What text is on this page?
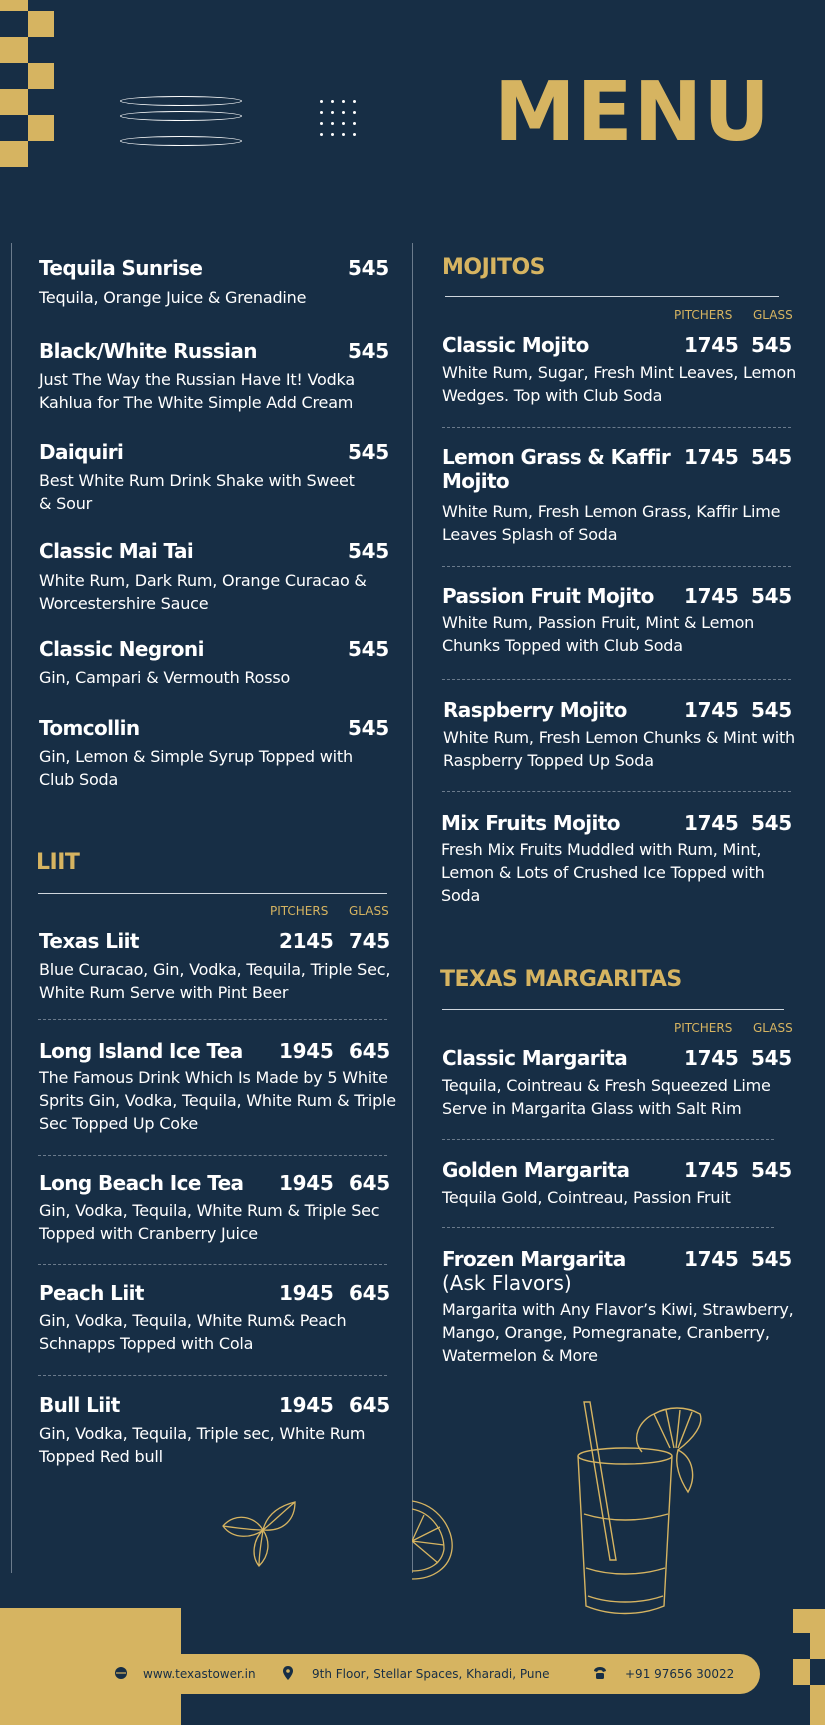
MENU
Tequila Sunrise	545
Tequila, Orange Juice & Grenadine
Black/White Russian	545
Just The Way the Russian Have It! Vodka Kahlua for The White Simple Add Cream
Daiquiri	545
Best White Rum Drink Shake with Sweet & Sour
Classic Mai Tai	545
White Rum, Dark Rum, Orange Curacao & Worcestershire Sauce
Classic Negroni	545
Gin, Campari & Vermouth Rosso
Tomcollin	545
Gin, Lemon & Simple Syrup Topped with Club Soda
LIIT
PITCHERS GLASS
Texas Liit	2145 745
Blue Curacao, Gin, Vodka, Tequila, Triple Sec, White Rum Serve with Pint Beer
Long Island Ice Tea 1945 645
The Famous Drink Which Is Made by 5 White Sprits Gin, Vodka, Tequila, White Rum & Triple Sec Topped Up Coke
Long Beach Ice Tea 1945 645
Gin, Vodka, Tequila, White Rum & Triple Sec Topped with Cranberry Juice
Peach Liit	1945 645
Gin, Vodka, Tequila, White Rum& Peach Schnapps Topped with Cola
Bull Liit	1945 645
Gin, Vodka, Tequila, Triple sec, White Rum Topped Red bull
MOJITOS
PITCHERS GLASS
Classic Mojito	1745 545
White Rum, Sugar, Fresh Mint Leaves, Lemon Wedges. Top with Club Soda
Lemon Grass & Kaffir Mojito
1745 545
White Rum, Fresh Lemon Grass, Kaffir Lime Leaves Splash of Soda
Passion Fruit Mojito 1745 545
White Rum, Passion Fruit, Mint & Lemon Chunks Topped with Club Soda
Raspberry Mojito	1745 545
White Rum, Fresh Lemon Chunks & Mint with Raspberry Topped Up Soda
Mix Fruits Mojito	1745 545
Fresh Mix Fruits Muddled with Rum, Mint, Lemon & Lots of Crushed Ice Topped with Soda
TEXAS MARGARITAS
PITCHERS GLASS
Classic Margarita	1745 545
Tequila, Cointreau & Fresh Squeezed Lime Serve in Margarita Glass with Salt Rim
Golden Margarita	1745 545
Tequila Gold, Cointreau, Passion Fruit
Frozen Margarita	1745 545
(Ask Flavors)
Margarita with Any Flavor’s Kiwi, Strawberry, Mango, Orange, Pomegranate, Cranberry, Watermelon & More
www.texastower.in	9th Floor, Stellar Spaces, Kharadi, Pune	+91 97656 30022
